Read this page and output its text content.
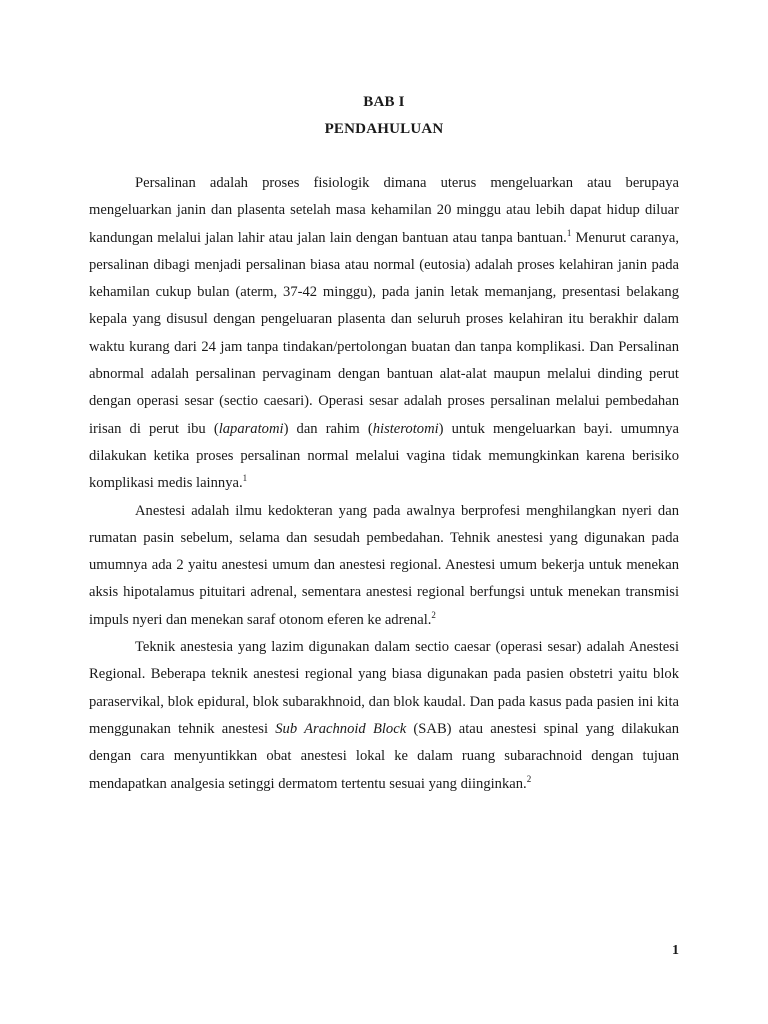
BAB I
PENDAHULUAN

Persalinan adalah proses fisiologik dimana uterus mengeluarkan atau berupaya mengeluarkan janin dan plasenta setelah masa kehamilan 20 minggu atau lebih dapat hidup diluar kandungan melalui jalan lahir atau jalan lain dengan bantuan atau tanpa bantuan.$^1$ Menurut caranya, persalinan dibagi menjadi persalinan biasa atau normal (eutosia) adalah proses kelahiran janin pada kehamilan cukup bulan (aterm, 37-42 minggu), pada janin letak memanjang, presentasi belakang kepala yang disusul dengan pengeluaran plasenta dan seluruh proses kelahiran itu berakhir dalam waktu kurang dari 24 jam tanpa tindakan/pertolongan buatan dan tanpa komplikasi. Dan Persalinan abnormal adalah persalinan pervaginam dengan bantuan alat-alat maupun melalui dinding perut dengan operasi sesar (sectio caesari). Operasi sesar adalah proses persalinan melalui pembedahan irisan di perut ibu (laparatomi) dan rahim (histerotomi) untuk mengeluarkan bayi. umumnya dilakukan ketika proses persalinan normal melalui vagina tidak memungkinkan karena berisiko komplikasi medis lainnya.$^1$

Anestesi adalah ilmu kedokteran yang pada awalnya berprofesi menghilangkan nyeri dan rumatan pasin sebelum, selama dan sesudah pembedahan. Tehnik anestesi yang digunakan pada umumnya ada 2 yaitu anestesi umum dan anestesi regional. Anestesi umum bekerja untuk menekan aksis hipotalamus pituitari adrenal, sementara anestesi regional berfungsi untuk menekan transmisi impuls nyeri dan menekan saraf otonom eferen ke adrenal.$^2$

Teknik anestesia yang lazim digunakan dalam sectio caesar (operasi sesar) adalah Anestesi Regional. Beberapa teknik anestesi regional yang biasa digunakan pada pasien obstetri yaitu blok paraservikal, blok epidural, blok subarakhnoid, dan blok kaudal. Dan pada kasus pada pasien ini kita menggunakan tehnik anestesi Sub Arachnoid Block (SAB) atau anestesi spinal yang dilakukan dengan cara menyuntikkan obat anestesi lokal ke dalam ruang subarachnoid dengan tujuan mendapatkan analgesia setinggi dermatom tertentu sesuai yang diinginkan.$^2$

1
